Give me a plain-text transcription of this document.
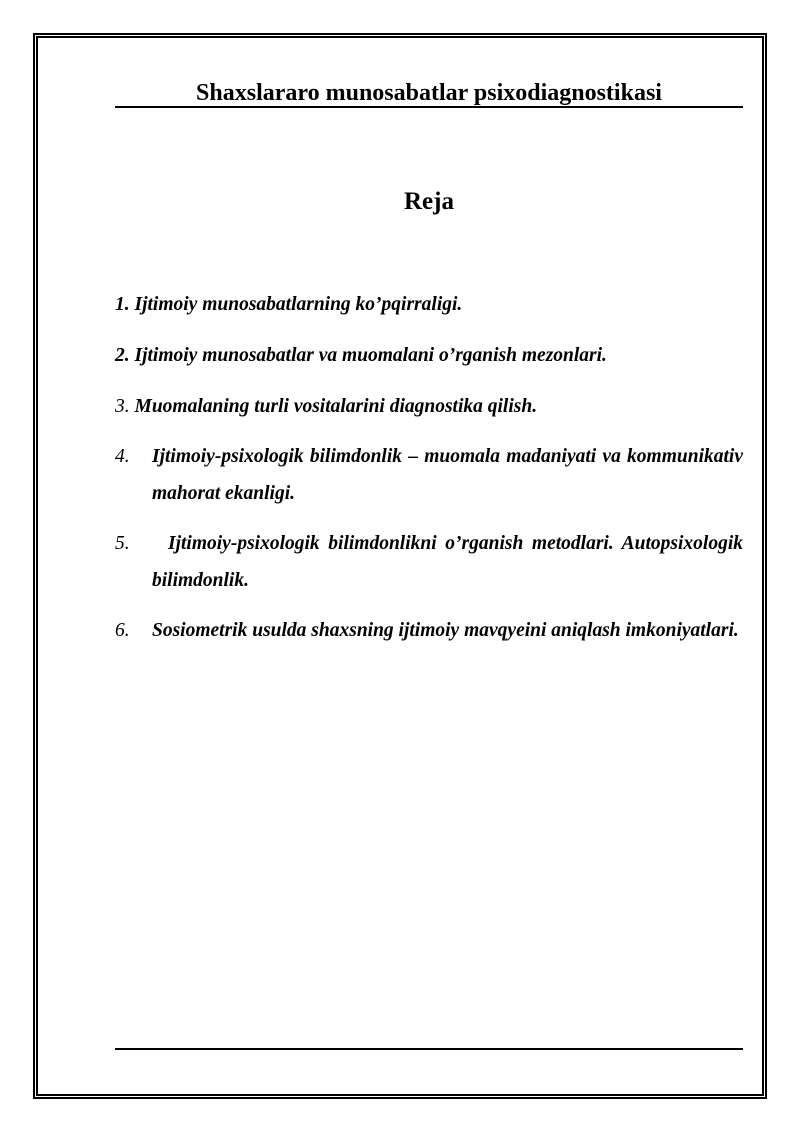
Shaxslararo munosabatlar psixodiagnostikasi
Reja
1. Ijtimoiy munosabatlarning ko’pqirraligi.
2. Ijtimoiy munosabatlar va muomalani o’rganish mezonlari.
3. Muomalaning turli vositalarini diagnostika qilish.
4. Ijtimoiy-psixologik bilimdonlik – muomala madaniyati va kommunikativ mahorat ekanligi.
5. Ijtimoiy-psixologik bilimdonlikni o’rganish metodlari. Autopsixologik bilimdonlik.
6. Sosiometrik usulda shaxsning ijtimoiy mavqyeini aniqlash imkoniyatlari.
